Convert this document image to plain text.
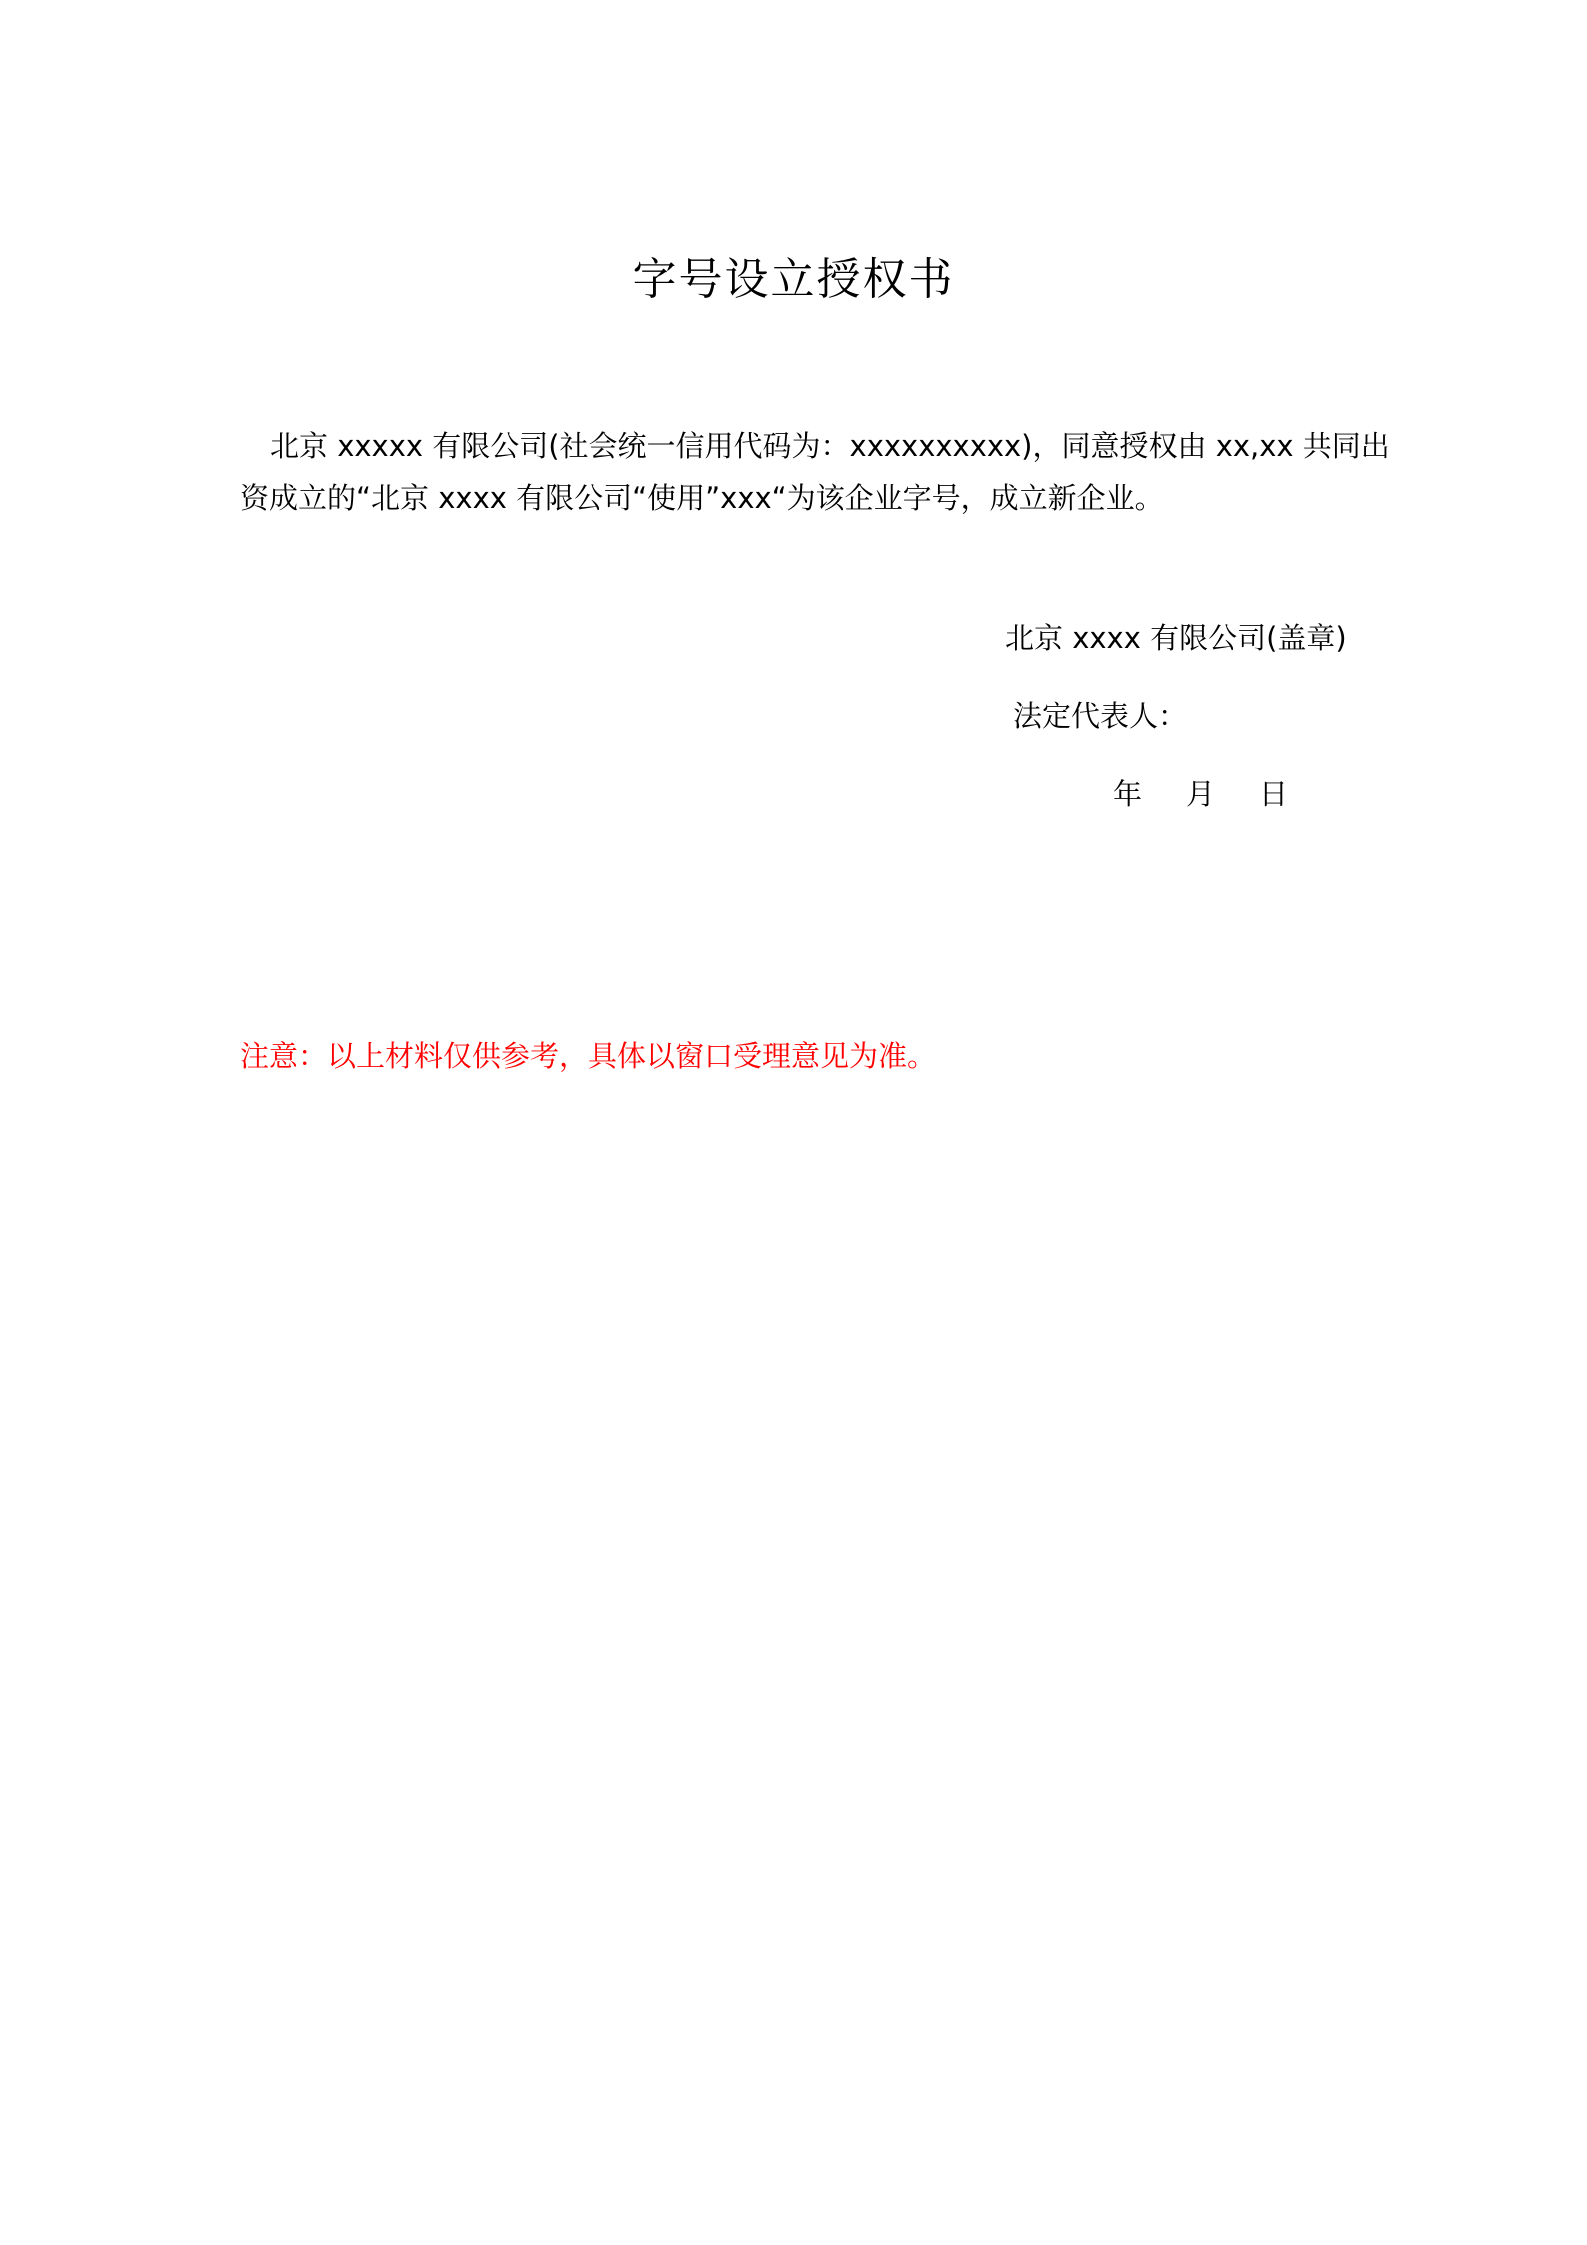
字号设立授权书
北京 xxxxx 有限公司(社会统一信用代码为：xxxxxxxxxx)，同意授权由 xx,xx 共同出
资成立的“北京 xxxx 有限公司“使用”xxx“为该企业字号，成立新企业。
北京 xxxx 有限公司(盖章)
法定代表人：
年 月 日
注意：以上材料仅供参考，具体以窗口受理意见为准。
